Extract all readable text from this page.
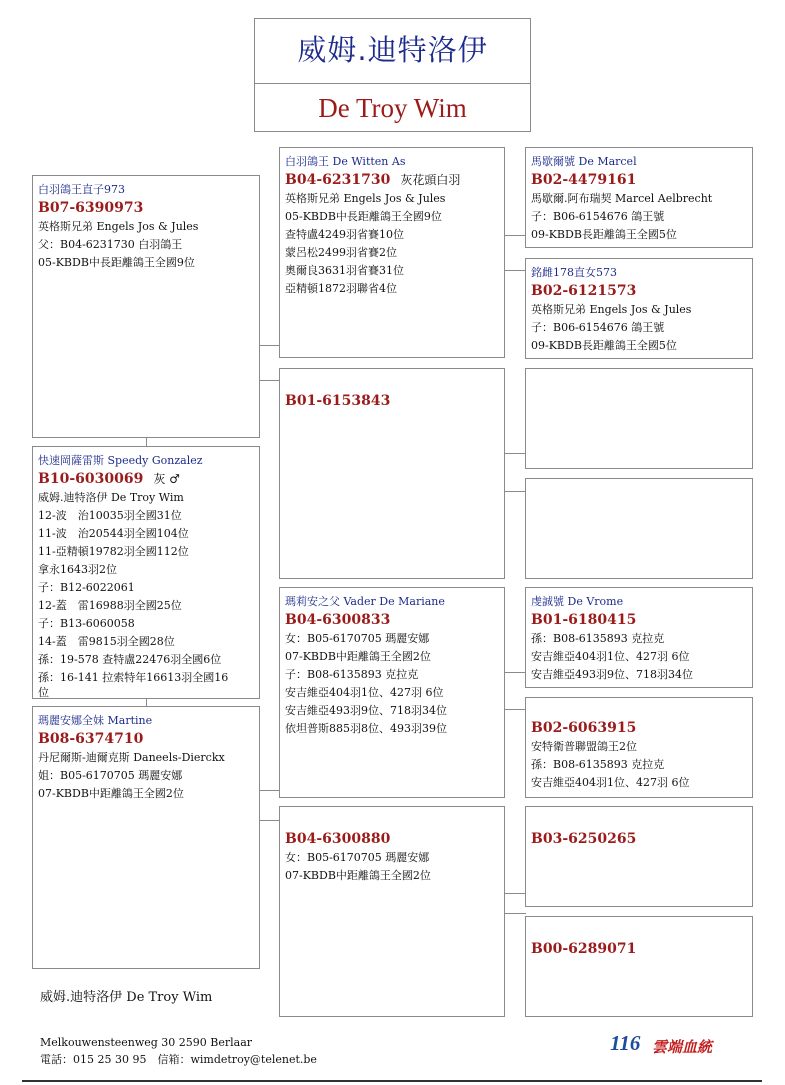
威姆.迪特洛伊
De Troy Wim
白羽鴿王直子973
B07-6390973
英格斯兄弟 Engels Jos & Jules
父：B04-6231730 白羽鴿王
05-KBDB中長距離鴿王全國9位
快速岡薩雷斯 Speedy Gonzalez
B10-6030069 灰 ♂
威姆.迪特洛伊 De Troy Wim
12-波　治10035羽全國31位
11-波　治20544羽全國104位
11-亞精頓19782羽全國112位
拿永1643羽2位
子：B12-6022061
12-蓋　雷16988羽全國25位
子：B13-6060058
14-蓋　雷9815羽全國28位
孫：19-578 查特盧22476羽全國6位
孫：16-141 拉索特年16613羽全國16
位
瑪麗安娜全妹 Martine
B08-6374710
丹尼爾斯-迪爾克斯 Daneels-Dierckx
姐：B05-6170705 瑪麗安娜
07-KBDB中距離鴿王全國2位
白羽鴿王 De Witten As
B04-6231730 灰花頭白羽
英格斯兄弟 Engels Jos & Jules
05-KBDB中長距離鴿王全國9位
查特盧4249羽省賽10位
蒙呂松2499羽省賽2位
奧爾良3631羽省賽31位
亞精頓1872羽聯省4位
B01-6153843
瑪莉安之父 Vader De Mariane
B04-6300833
女：B05-6170705 瑪麗安娜
07-KBDB中距離鴿王全國2位
子：B08-6135893 克拉克
安吉維亞404羽1位、427羽 6位
安吉維亞493羽9位、718羽34位
依坦普斯885羽8位、493羽39位
B04-6300880
女：B05-6170705 瑪麗安娜
07-KBDB中距離鴿王全國2位
馬歇爾號 De Marcel
B02-4479161
馬歇爾.阿布瑞契 Marcel Aelbrecht
子：B06-6154676 鴿王號
09-KBDB長距離鴿王全國5位
銘雌178直女573
B02-6121573
英格斯兄弟 Engels Jos & Jules
子：B06-6154676 鴿王號
09-KBDB長距離鴿王全國5位
虔誠號 De Vrome
B01-6180415
孫：B08-6135893 克拉克
安吉維亞404羽1位、427羽 6位
安吉維亞493羽9位、718羽34位
B02-6063915
安特衛普聯盟鴿王2位
孫：B08-6135893 克拉克
安吉維亞404羽1位、427羽 6位
B03-6250265
B00-6289071
威姆.迪特洛伊 De Troy Wim
Melkouwensteenweg 30 2590 Berlaar
電話：015 25 30 95　信箱：wimdetroy@telenet.be
116 雲端血統
